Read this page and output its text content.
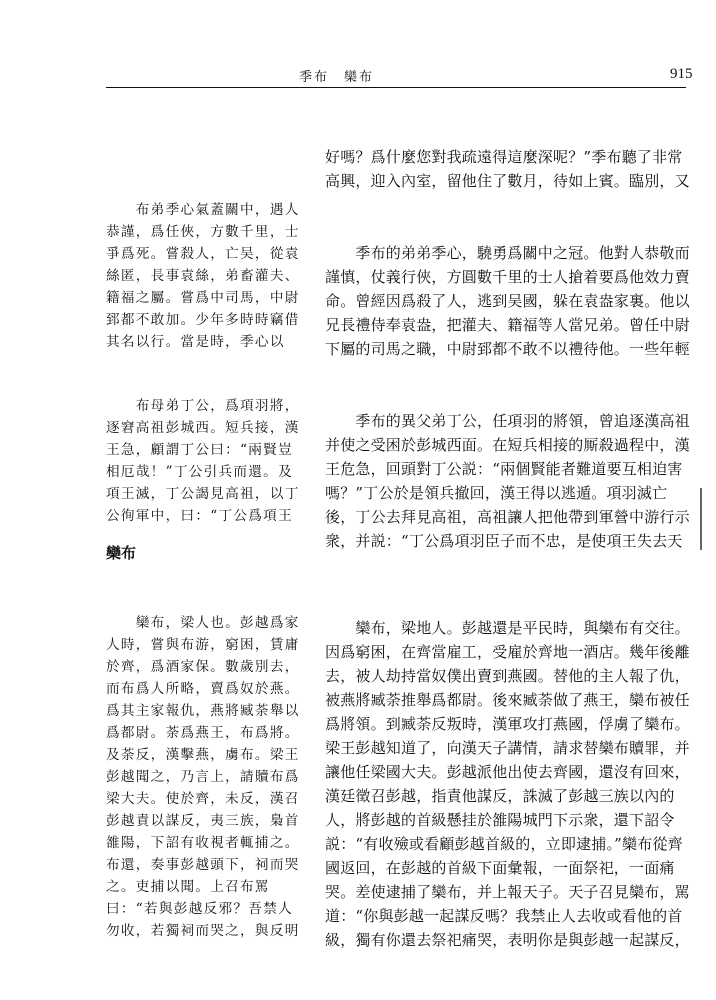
季布　欒布	915

　　布弟季心氣蓋關中，遇人恭謹，爲任俠，方數千里，士爭爲死。嘗殺人，亡吴，從袁絲匿，長事袁絲，弟畜灌夫、籍福之屬。嘗爲中司馬，中尉郅都不敢加。少年多時時竊借其名以行。當是時，季心以

　　布母弟丁公，爲項羽將，逐窘高祖彭城西。短兵接，漢王急，顧謂丁公曰：“兩賢豈相厄哉！”丁公引兵而還。及項王滅，丁公謁見高祖，以丁公徇軍中，曰：“丁公爲項王

欒布

　　欒布，梁人也。彭越爲家人時，嘗與布游，窮困，賃庸於齊，爲酒家保。數歲別去，而布爲人所略，賣爲奴於燕。爲其主家報仇，燕將臧荼舉以爲都尉。荼爲燕王，布爲將。及荼反，漢擊燕，虜布。梁王彭越聞之，乃言上，請贖布爲梁大夫。使於齊，未反，漢召彭越責以謀反，夷三族，梟首雒陽，下詔有收視者輒捕之。布還，奏事彭越頭下，祠而哭之。吏捕以聞。上召布罵曰：“若與彭越反邪？吾禁人勿收，若獨祠而哭之，與反明

好嗎？爲什麼您對我疏遠得這麼深呢？”季布聽了非常高興，迎入內室，留他住了數月，待如上賓。臨別，又

　　季布的弟弟季心，驍勇爲關中之冠。他對人恭敬而謹慎，仗義行俠，方圓數千里的士人搶着要爲他效力賣命。曾經因爲殺了人，逃到吴國，躲在袁盎家裏。他以兄長禮侍奉袁盎，把灌夫、籍福等人當兄弟。曾任中尉下屬的司馬之職，中尉郅都不敢不以禮待他。一些年輕

　　季布的異父弟丁公，任項羽的將領，曾追逐漢高祖并使之受困於彭城西面。在短兵相接的厮殺過程中，漢王危急，回頭對丁公説：“兩個賢能者難道要互相迫害嗎？”丁公於是領兵撤回，漢王得以逃遁。項羽滅亡後，丁公去拜見高祖，高祖讓人把他帶到軍營中游行示衆，并説：“丁公爲項羽臣子而不忠，是使項王失去天

　　欒布，梁地人。彭越還是平民時，與欒布有交往。因爲窮困，在齊當雇工，受雇於齊地一酒店。幾年後離去，被人劫持當奴僕出賣到燕國。替他的主人報了仇，被燕將臧荼推舉爲都尉。後來臧荼做了燕王，欒布被任爲將領。到臧荼反叛時，漢軍攻打燕國，俘虜了欒布。梁王彭越知道了，向漢天子講情，請求替欒布贖罪，并讓他任梁國大夫。彭越派他出使去齊國，還沒有回來，漢廷徵召彭越，指責他謀反，誅滅了彭越三族以內的人，將彭越的首級懸挂於雒陽城門下示衆，還下詔令説：“有收殮或看顧彭越首級的，立即逮捕。”欒布從齊國返回，在彭越的首級下面彙報，一面祭祀，一面痛哭。差使逮捕了欒布，并上報天子。天子召見欒布，駡道：“你與彭越一起謀反嗎？我禁止人去收或看他的首級，獨有你還去祭祀痛哭，表明你是與彭越一起謀反，
